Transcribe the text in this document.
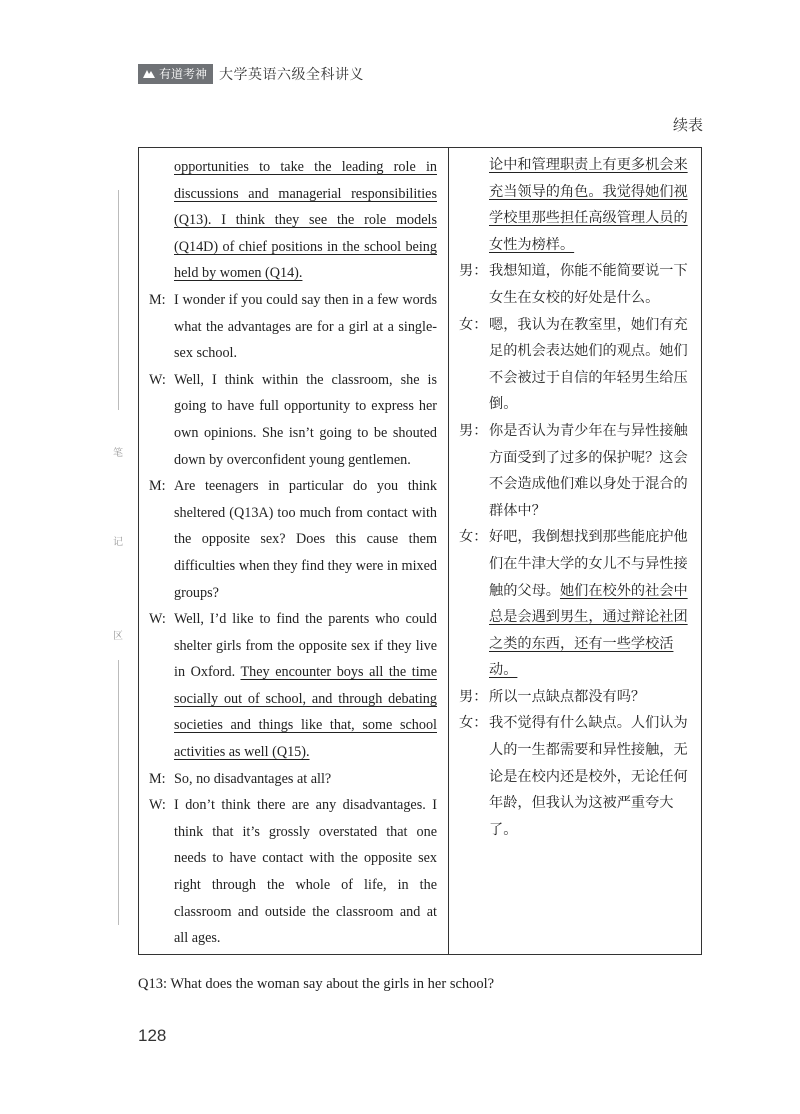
有道考神 大学英语六级全科讲义
续表
笔
记
区
opportunities to take the leading role in discussions and managerial responsibilities (Q13). I think they see the role models (Q14D) of chief positions in the school being held by women (Q14).
M: I wonder if you could say then in a few words what the advantages are for a girl at a single- sex school.
W: Well, I think within the classroom, she is going to have full opportunity to express her own opinions. She isn’t going to be shouted down by overconfident young gentlemen.
M: Are teenagers in particular do you think sheltered (Q13A) too much from contact with the opposite sex? Does this cause them difficulties when they find they were in mixed groups?
W: Well, I’d like to find the parents who could shelter girls from the opposite sex if they live in Oxford. They encounter boys all the time socially out of school, and through debating societies and things like that, some school activities as well (Q15).
M: So, no disadvantages at all?
W: I don’t think there are any disadvantages. I think that it’s grossly overstated that one needs to have contact with the opposite sex right through the whole of life, in the classroom and outside the classroom and at all ages.
论中和管理职责上有更多机会来充当领导的角色。我觉得她们视学校里那些担任高级管理人员的女性为榜样。
男： 我想知道，你能不能简要说一下女生在女校的好处是什么。
女： 嗯，我认为在教室里，她们有充足的机会表达她们的观点。她们不会被过于自信的年轻男生给压倒。
男： 你是否认为青少年在与异性接触方面受到了过多的保护呢？这会不会造成他们难以身处于混合的群体中？
女： 好吧，我倒想找到那些能庇护他们在牛津大学的女儿不与异性接触的父母。她们在校外的社会中总是会遇到男生，通过辩论社团之类的东西，还有一些学校活动。
男： 所以一点缺点都没有吗？
女： 我不觉得有什么缺点。人们认为人的一生都需要和异性接触，无论是在校内还是校外，无论任何年龄，但我认为这被严重夸大了。
Q13: What does the woman say about the girls in her school?
128
